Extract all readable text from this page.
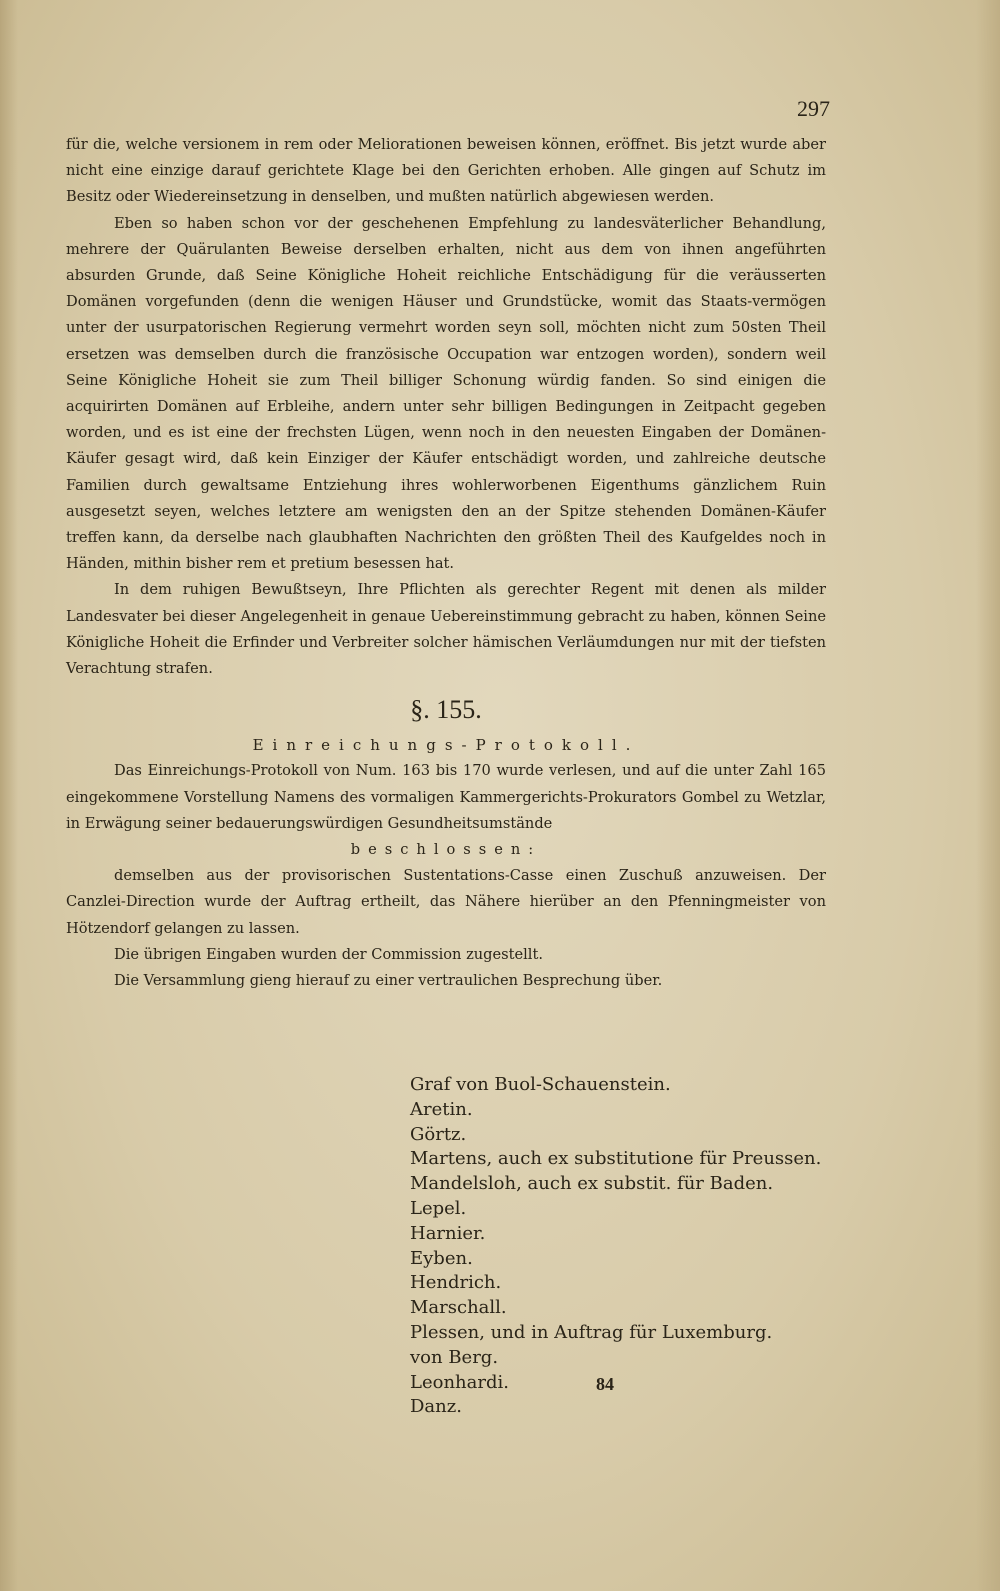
297

für die, welche versionem in rem oder Meliorationen beweisen können, eröffnet. Bis jetzt wurde aber nicht eine einzige darauf gerichtete Klage bei den Gerichten erhoben. Alle gingen auf Schutz im Besitz oder Wiedereinsetzung in denselben, und mußten natürlich abgewiesen werden.

Eben so haben schon vor der geschehenen Empfehlung zu landesväterlicher Behandlung, mehrere der Quärulanten Beweise derselben erhalten, nicht aus dem von ihnen angeführten absurden Grunde, daß Seine Königliche Hoheit reichliche Entschädigung für die veräusserten Domänen vorgefunden (denn die wenigen Häuser und Grundstücke, womit das Staats-vermögen unter der usurpatorischen Regierung vermehrt worden seyn soll, möchten nicht zum 50sten Theil ersetzen was demselben durch die französische Occupation war entzogen worden), sondern weil Seine Königliche Hoheit sie zum Theil billiger Schonung würdig fanden. So sind einigen die acquirirten Domänen auf Erbleihe, andern unter sehr billigen Bedingungen in Zeitpacht gegeben worden, und es ist eine der frechsten Lügen, wenn noch in den neuesten Eingaben der Domänen-Käufer gesagt wird, daß kein Einziger der Käufer entschädigt worden, und zahlreiche deutsche Familien durch gewaltsame Entziehung ihres wohlerworbenen Eigenthums gänzlichem Ruin ausgesetzt seyen, welches letztere am wenigsten den an der Spitze stehenden Domänen-Käufer treffen kann, da derselbe nach glaubhaften Nachrichten den größten Theil des Kaufgeldes noch in Händen, mithin bisher rem et pretium besessen hat.

In dem ruhigen Bewußtseyn, Ihre Pflichten als gerechter Regent mit denen als milder Landesvater bei dieser Angelegenheit in genaue Uebereinstimmung gebracht zu haben, können Seine Königliche Hoheit die Erfinder und Verbreiter solcher hämischen Verläumdungen nur mit der tiefsten Verachtung strafen.

§. 155.

Einreichungs-Protokoll.

Das Einreichungs-Protokoll von Num. 163 bis 170 wurde verlesen, und auf die unter Zahl 165 eingekommene Vorstellung Namens des vormaligen Kammergerichts-Prokurators Gombel zu Wetzlar, in Erwägung seiner bedauerungswürdigen Gesundheitsumstände

beschlossen:

demselben aus der provisorischen Sustentations-Casse einen Zuschuß anzuweisen. Der Canzlei-Direction wurde der Auftrag ertheilt, das Nähere hierüber an den Pfenningmeister von Hötzendorf gelangen zu lassen.

Die übrigen Eingaben wurden der Commission zugestellt.

Die Versammlung gieng hierauf zu einer vertraulichen Besprechung über.

Graf von Buol-Schauenstein.
Aretin.
Görtz.
Martens, auch ex substitutione für Preussen.
Mandelsloh, auch ex substit. für Baden.
Lepel.
Harnier.
Eyben.
Hendrich.
Marschall.
Plessen, und in Auftrag für Luxemburg.
von Berg.
Leonhardi.
Danz.
84
